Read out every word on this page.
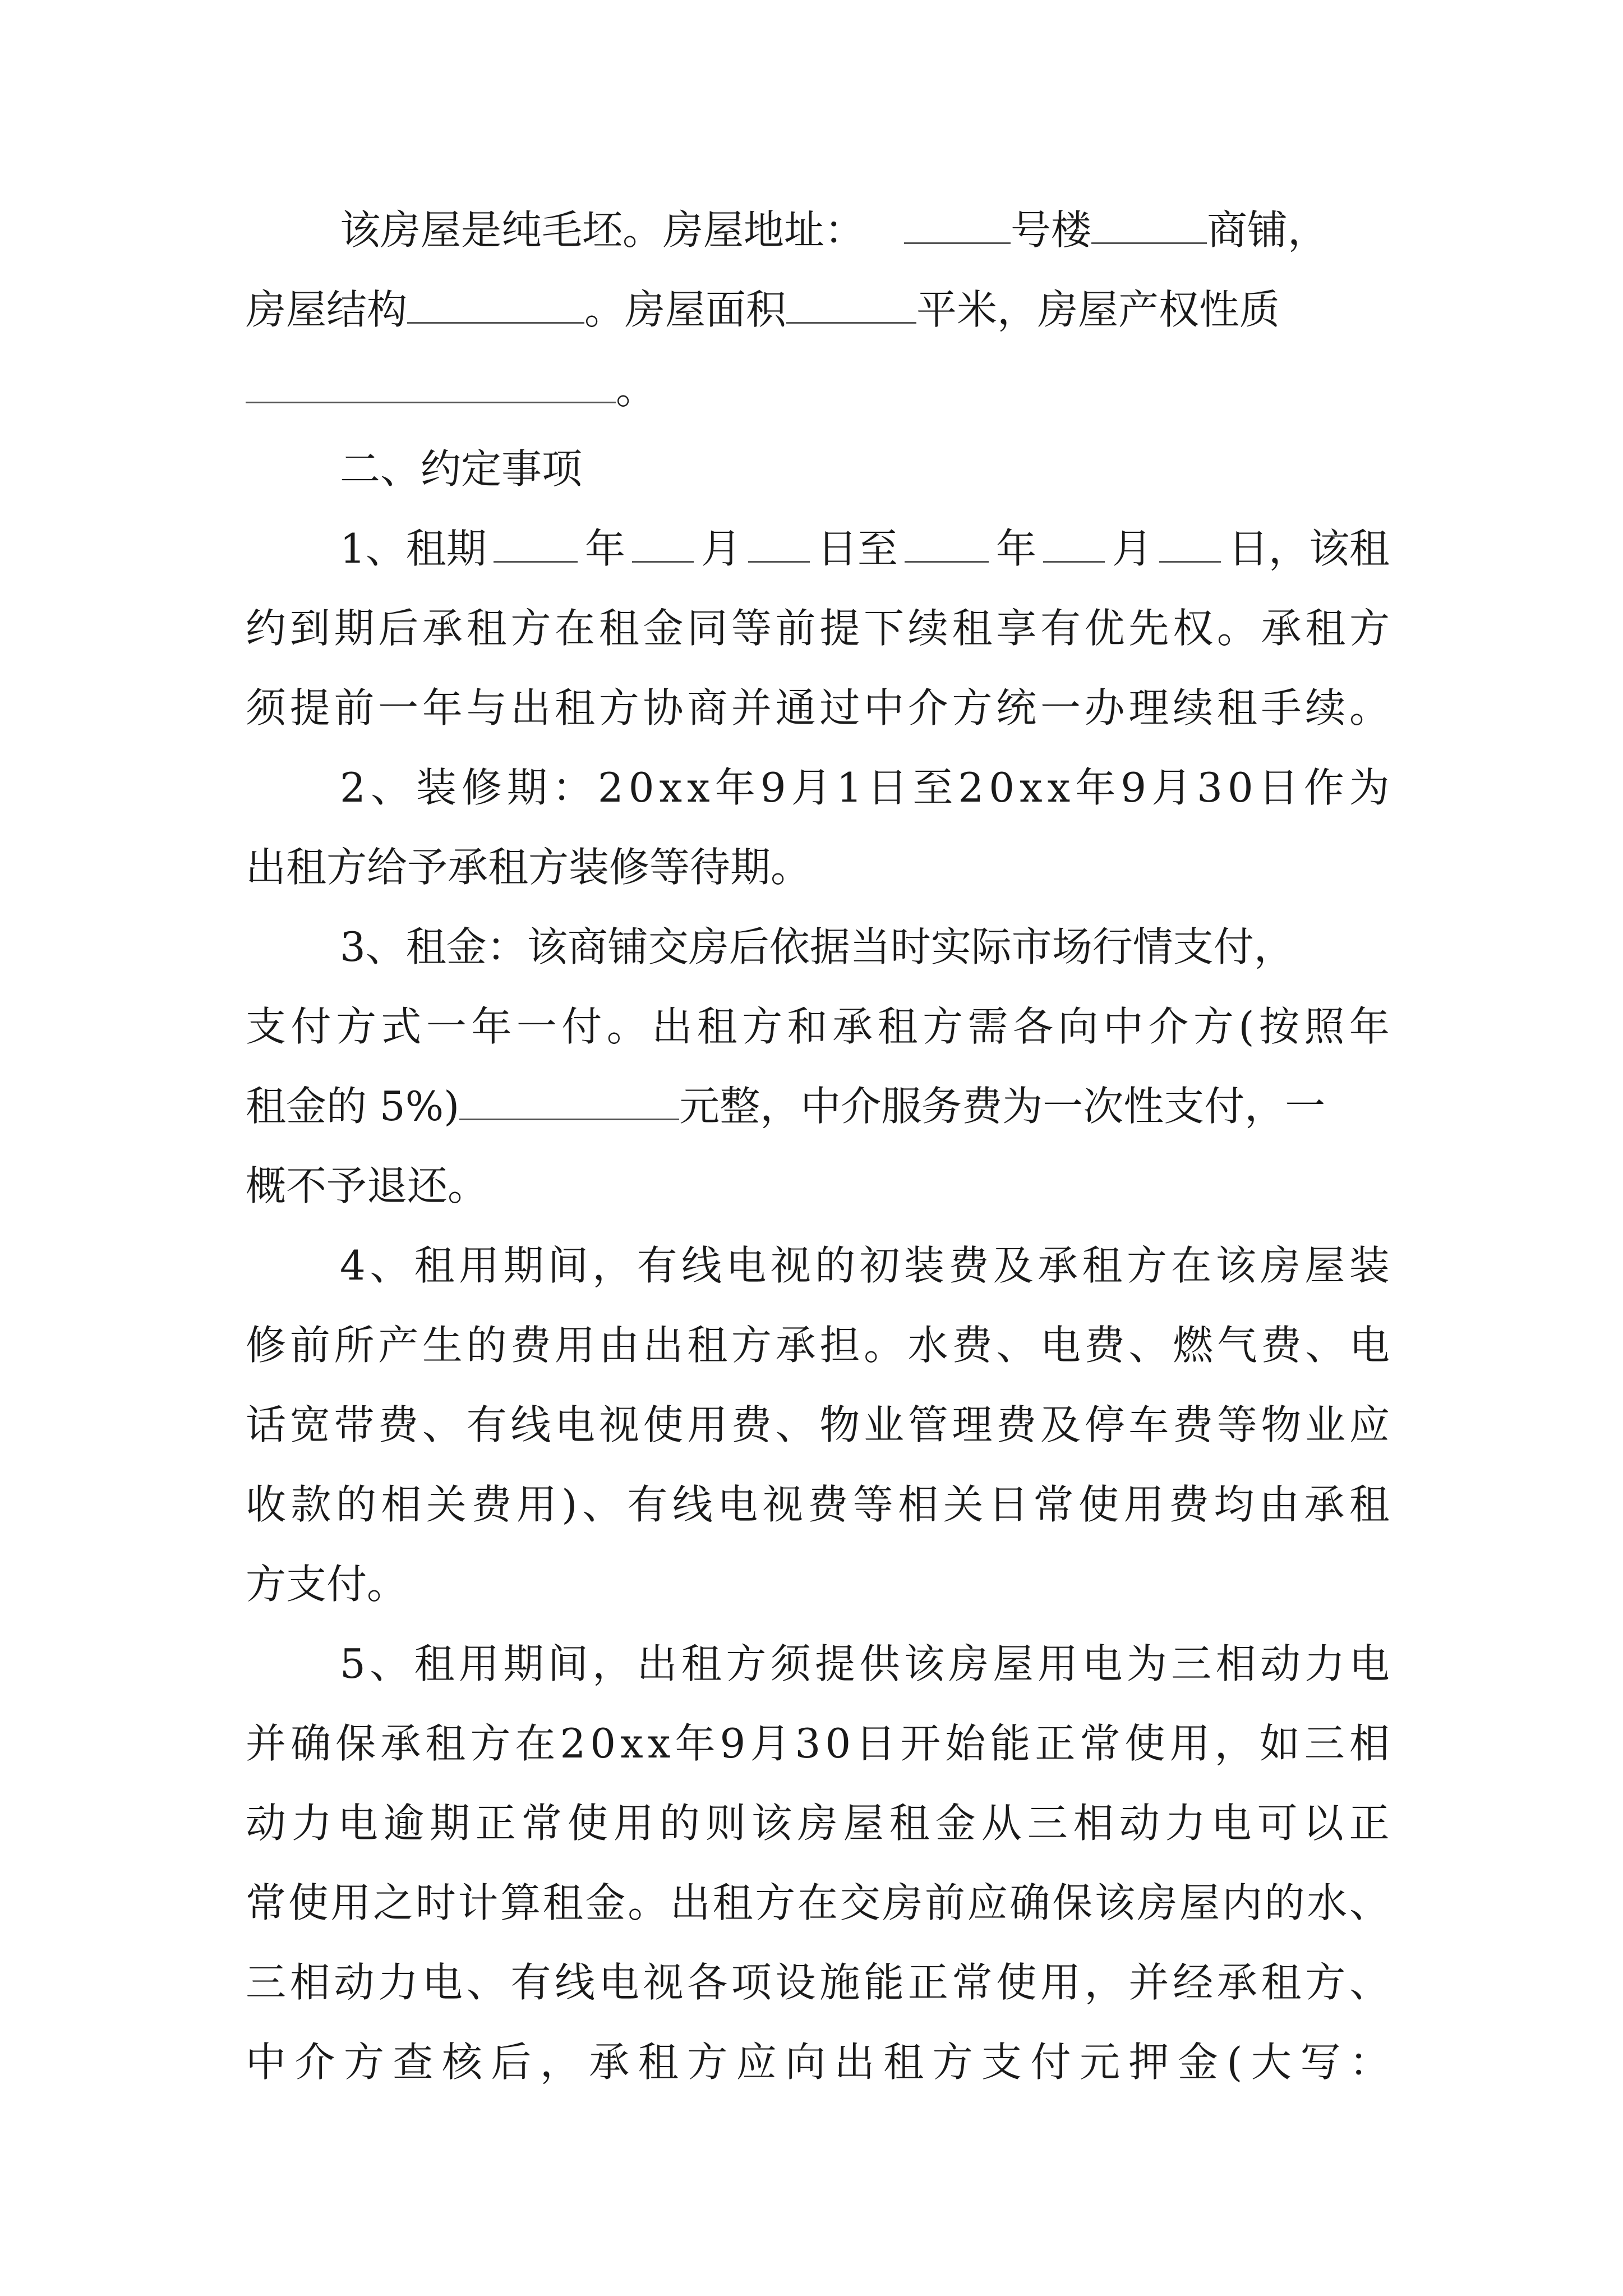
该房屋是纯毛坯。房屋地址：	号楼	商铺，
房屋结构	。房屋面积	平米，房屋产权性质
。
二、约定事项
1、租期 年 月 日至 年 月 日，该租
约 到 期 后 承 租 方 在 租 金 同 等 前 提 下 续 租 享 有 优 先 权 。 承 租 方
须 提 前 一 年 与 出 租 方 协 商 并 通 过 中 介 方 统 一 办 理 续 租 手 续 。
2 、 装 修 期 ： 2 0 x x 年 9 月 1 日 至 2 0 x x 年 9 月 3 0 日 作 为
出租方给予承租方装修等待期。
3、租金：该商铺交房后依据当时实际市场行情支付，
支 付 方 式 一 年 一 付 。 出 租 方 和 承 租 方 需 各 向 中 介 方 ( 按 照 年
租金的 5%)	元整，中介服务费为一次性支付，一
概不予退还。
4 、 租 用 期 间 ， 有 线 电 视 的 初 装 费 及 承 租 方 在 该 房 屋 装
修 前 所 产 生 的 费 用 由 出 租 方 承 担 。 水 费 、 电 费 、 燃 气 费 、 电
话 宽 带 费 、 有 线 电 视 使 用 费 、 物 业 管 理 费 及 停 车 费 等 物 业 应
收 款 的 相 关 费 用 ) 、 有 线 电 视 费 等 相 关 日 常 使 用 费 均 由 承 租
方支付。
5 、 租 用 期 间 ， 出 租 方 须 提 供 该 房 屋 用 电 为 三 相 动 力 电
并 确 保 承 租 方 在 2 0 x x 年 9 月 3 0 日 开 始 能 正 常 使 用 ， 如 三 相
动 力 电 逾 期 正 常 使 用 的 则 该 房 屋 租 金 从 三 相 动 力 电 可 以 正
常 使 用 之 时 计 算 租 金 。 出 租 方 在 交 房 前 应 确 保 该 房 屋 内 的 水 、
三 相 动 力 电 、 有 线 电 视 各 项 设 施 能 正 常 使 用 ， 并 经 承 租 方 、
中 介 方 查 核 后 ， 承 租 方 应 向 出 租 方 支 付 元 押 金 ( 大 写 ：
